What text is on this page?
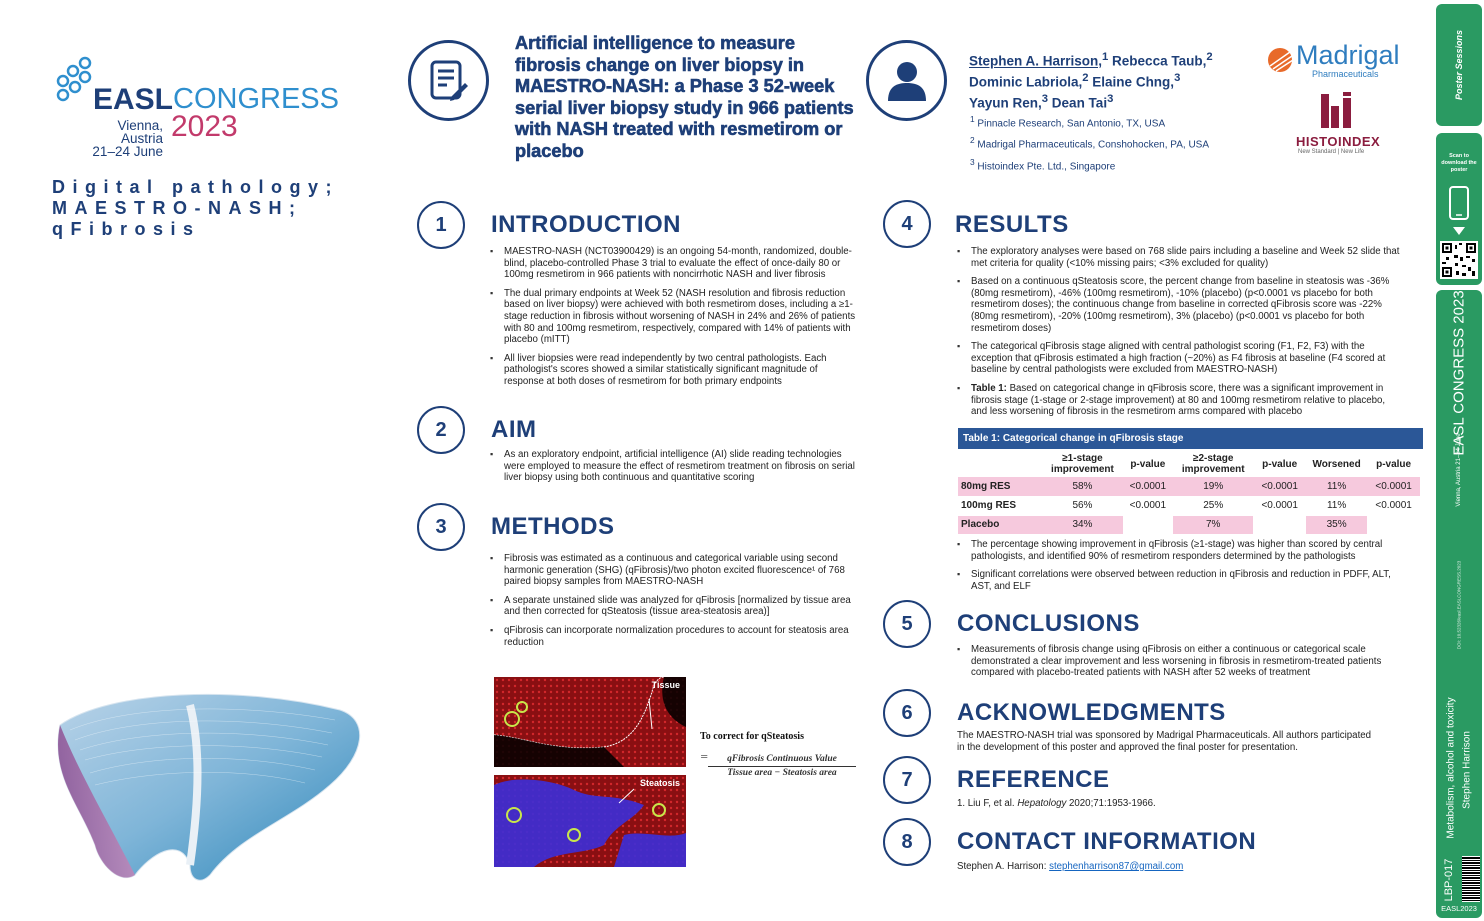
EASL CONGRESS
Vienna, Austria
21–24 June
2023
Digital pathology; MAESTRO-NASH; qFibrosis
Artificial intelligence to measure fibrosis change on liver biopsy in MAESTRO-NASH: a Phase 3 52-week serial liver biopsy study in 966 patients with NASH treated with resmetirom or placebo
Stephen A. Harrison,$^1$ Rebecca Taub,$^2$
Dominic Labriola,$^2$ Elaine Chng,$^3$
Yayun Ren,$^3$ Dean Tai$^3$
$^1$ Pinnacle Research, San Antonio, TX, USA
$^2$ Madrigal Pharmaceuticals, Conshohocken, PA, USA
$^3$ Histoindex Pte. Ltd., Singapore
Madrigal
Pharmaceuticals
HISTOINDEX
New Standard | New Life
1	INTRODUCTION
▪ MAESTRO-NASH (NCT03900429) is an ongoing 54-month, randomized, double-blind, placebo-controlled Phase 3 trial to evaluate the effect of once-daily 80 or 100mg resmetirom in 966 patients with noncirrhotic NASH and liver fibrosis
▪ The dual primary endpoints at Week 52 (NASH resolution and fibrosis reduction based on liver biopsy) were achieved with both resmetirom doses, including a ≥1-stage reduction in fibrosis without worsening of NASH in 24% and 26% of patients with 80 and 100mg resmetirom, respectively, compared with 14% of patients with placebo (mITT)
▪ All liver biopsies were read independently by two central pathologists. Each pathologist's scores showed a similar statistically significant magnitude of response at both doses of resmetirom for both primary endpoints
2	AIM
▪ As an exploratory endpoint, artificial intelligence (AI) slide reading technologies were employed to measure the effect of resmetirom treatment on fibrosis on serial liver biopsy using both continuous and quantitative scoring
3	METHODS
▪ Fibrosis was estimated as a continuous and categorical variable using second harmonic generation (SHG) (qFibrosis)/two photon excited fluorescence¹ of 768 paired biopsy samples from MAESTRO-NASH
▪ A separate unstained slide was analyzed for qFibrosis [normalized by tissue area and then corrected for qSteatosis (tissue area-steatosis area)]
▪ qFibrosis can incorporate normalization procedures to account for steatosis area reduction
Tissue
Steatosis
To correct for qSteatosis
=	qFibrosis Continuous Value
Tissue area − Steatosis area
4	RESULTS
▪ The exploratory analyses were based on 768 slide pairs including a baseline and Week 52 slide that met criteria for quality (<10% missing pairs; <3% excluded for quality)
▪ Based on a continuous qSteatosis score, the percent change from baseline in steatosis was -36% (80mg resmetirom), -46% (100mg resmetirom), -10% (placebo) (p<0.0001 vs placebo for both resmetirom doses); the continuous change from baseline in corrected qFibrosis score was -22% (80mg resmetirom), -20% (100mg resmetirom), 3% (placebo) (p<0.0001 vs placebo for both resmetirom doses)
▪ The categorical qFibrosis stage aligned with central pathologist scoring (F1, F2, F3) with the exception that qFibrosis estimated a high fraction (~20%) as F4 fibrosis at baseline (F4 scored at baseline by central pathologists were excluded from MAESTRO-NASH)
▪ Table 1: Based on categorical change in qFibrosis score, there was a significant improvement in fibrosis stage (1-stage or 2-stage improvement) at 80 and 100mg resmetirom relative to placebo, and less worsening of fibrosis in the resmetirom arms compared with placebo
Table 1: Categorical change in qFibrosis stage
	≥1-stage improvement	p-value	≥2-stage improvement	p-value	Worsened	p-value
80mg RES	58%	<0.0001	19%	<0.0001	11%	<0.0001
100mg RES	56%	<0.0001	25%	<0.0001	11%	<0.0001
Placebo	34%		7%		35%	
▪ The percentage showing improvement in qFibrosis (≥1-stage) was higher than scored by central pathologists, and identified 90% of resmetirom responders determined by the pathologists
▪ Significant correlations were observed between reduction in qFibrosis and reduction in PDFF, ALT, AST, and ELF
5	CONCLUSIONS
▪ Measurements of fibrosis change using qFibrosis on either a continuous or categorical scale demonstrated a clear improvement and less worsening in fibrosis in resmetirom-treated patients compared with placebo-treated patients with NASH after 52 weeks of treatment
6	ACKNOWLEDGMENTS
The MAESTRO-NASH trial was sponsored by Madrigal Pharmaceuticals. All authors participated in the development of this poster and approved the final poster for presentation.
7	REFERENCE
1. Liu F, et al. Hepatology 2020;71:1953-1966.
8	CONTACT INFORMATION
Stephen A. Harrison: stephenharrison87@gmail.com
Poster Sessions
Scan to download the poster
EASL CONGRESS 2023
Vienna, Austria 21–24 June
DOI: 10.52326/easl.EASLCONGRESS.2023
Metabolism, alcohol and toxicity Stephen Harrison
LBP-017
EASL2023
